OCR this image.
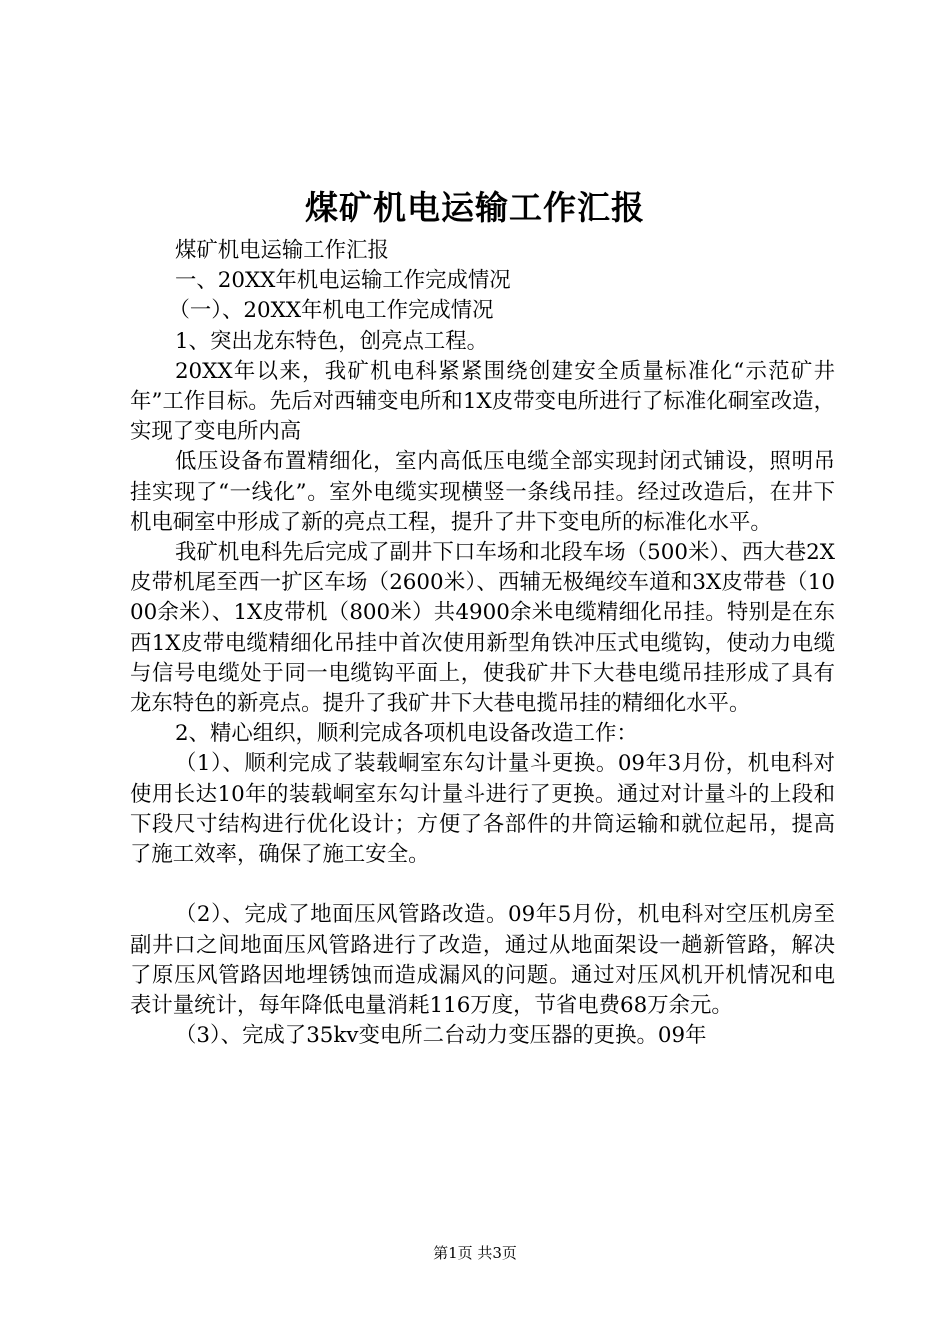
煤矿机电运输工作汇报

煤矿机电运输工作汇报

一、20XX年机电运输工作完成情况

（一）、20XX年机电工作完成情况

1、突出龙东特色，创亮点工程。

20XX年以来，我矿机电科紧紧围绕创建安全质量标准化“示范矿井年”工作目标。先后对西辅变电所和1X皮带变电所进行了标准化硐室改造，实现了变电所内高

低压设备布置精细化，室内高低压电缆全部实现封闭式铺设，照明吊挂实现了“一线化”。室外电缆实现横竖一条线吊挂。经过改造后，在井下机电硐室中形成了新的亮点工程，提升了井下变电所的标准化水平。

我矿机电科先后完成了副井下口车场和北段车场（500米）、西大巷2X皮带机尾至西一扩区车场（2600米）、西辅无极绳绞车道和3X皮带巷（1000余米）、1X皮带机（800米）共4900余米电缆精细化吊挂。特别是在东西1X皮带电缆精细化吊挂中首次使用新型角铁冲压式电缆钩，使动力电缆与信号电缆处于同一电缆钩平面上，使我矿井下大巷电缆吊挂形成了具有龙东特色的新亮点。提升了我矿井下大巷电揽吊挂的精细化水平。

2、精心组织，顺利完成各项机电设备改造工作：

（1）、顺利完成了装载峒室东勾计量斗更换。09年3月份，机电科对使用长达10年的装载峒室东勾计量斗进行了更换。通过对计量斗的上段和下段尺寸结构进行优化设计；方便了各部件的井筒运输和就位起吊，提高了施工效率，确保了施工安全。

（2）、完成了地面压风管路改造。09年5月份，机电科对空压机房至副井口之间地面压风管路进行了改造，通过从地面架设一趟新管路，解决了原压风管路因地埋锈蚀而造成漏风的问题。通过对压风机开机情况和电表计量统计，每年降低电量消耗116万度，节省电费68万余元。

（3）、完成了35kv变电所二台动力变压器的更换。09年

第1页 共3页
